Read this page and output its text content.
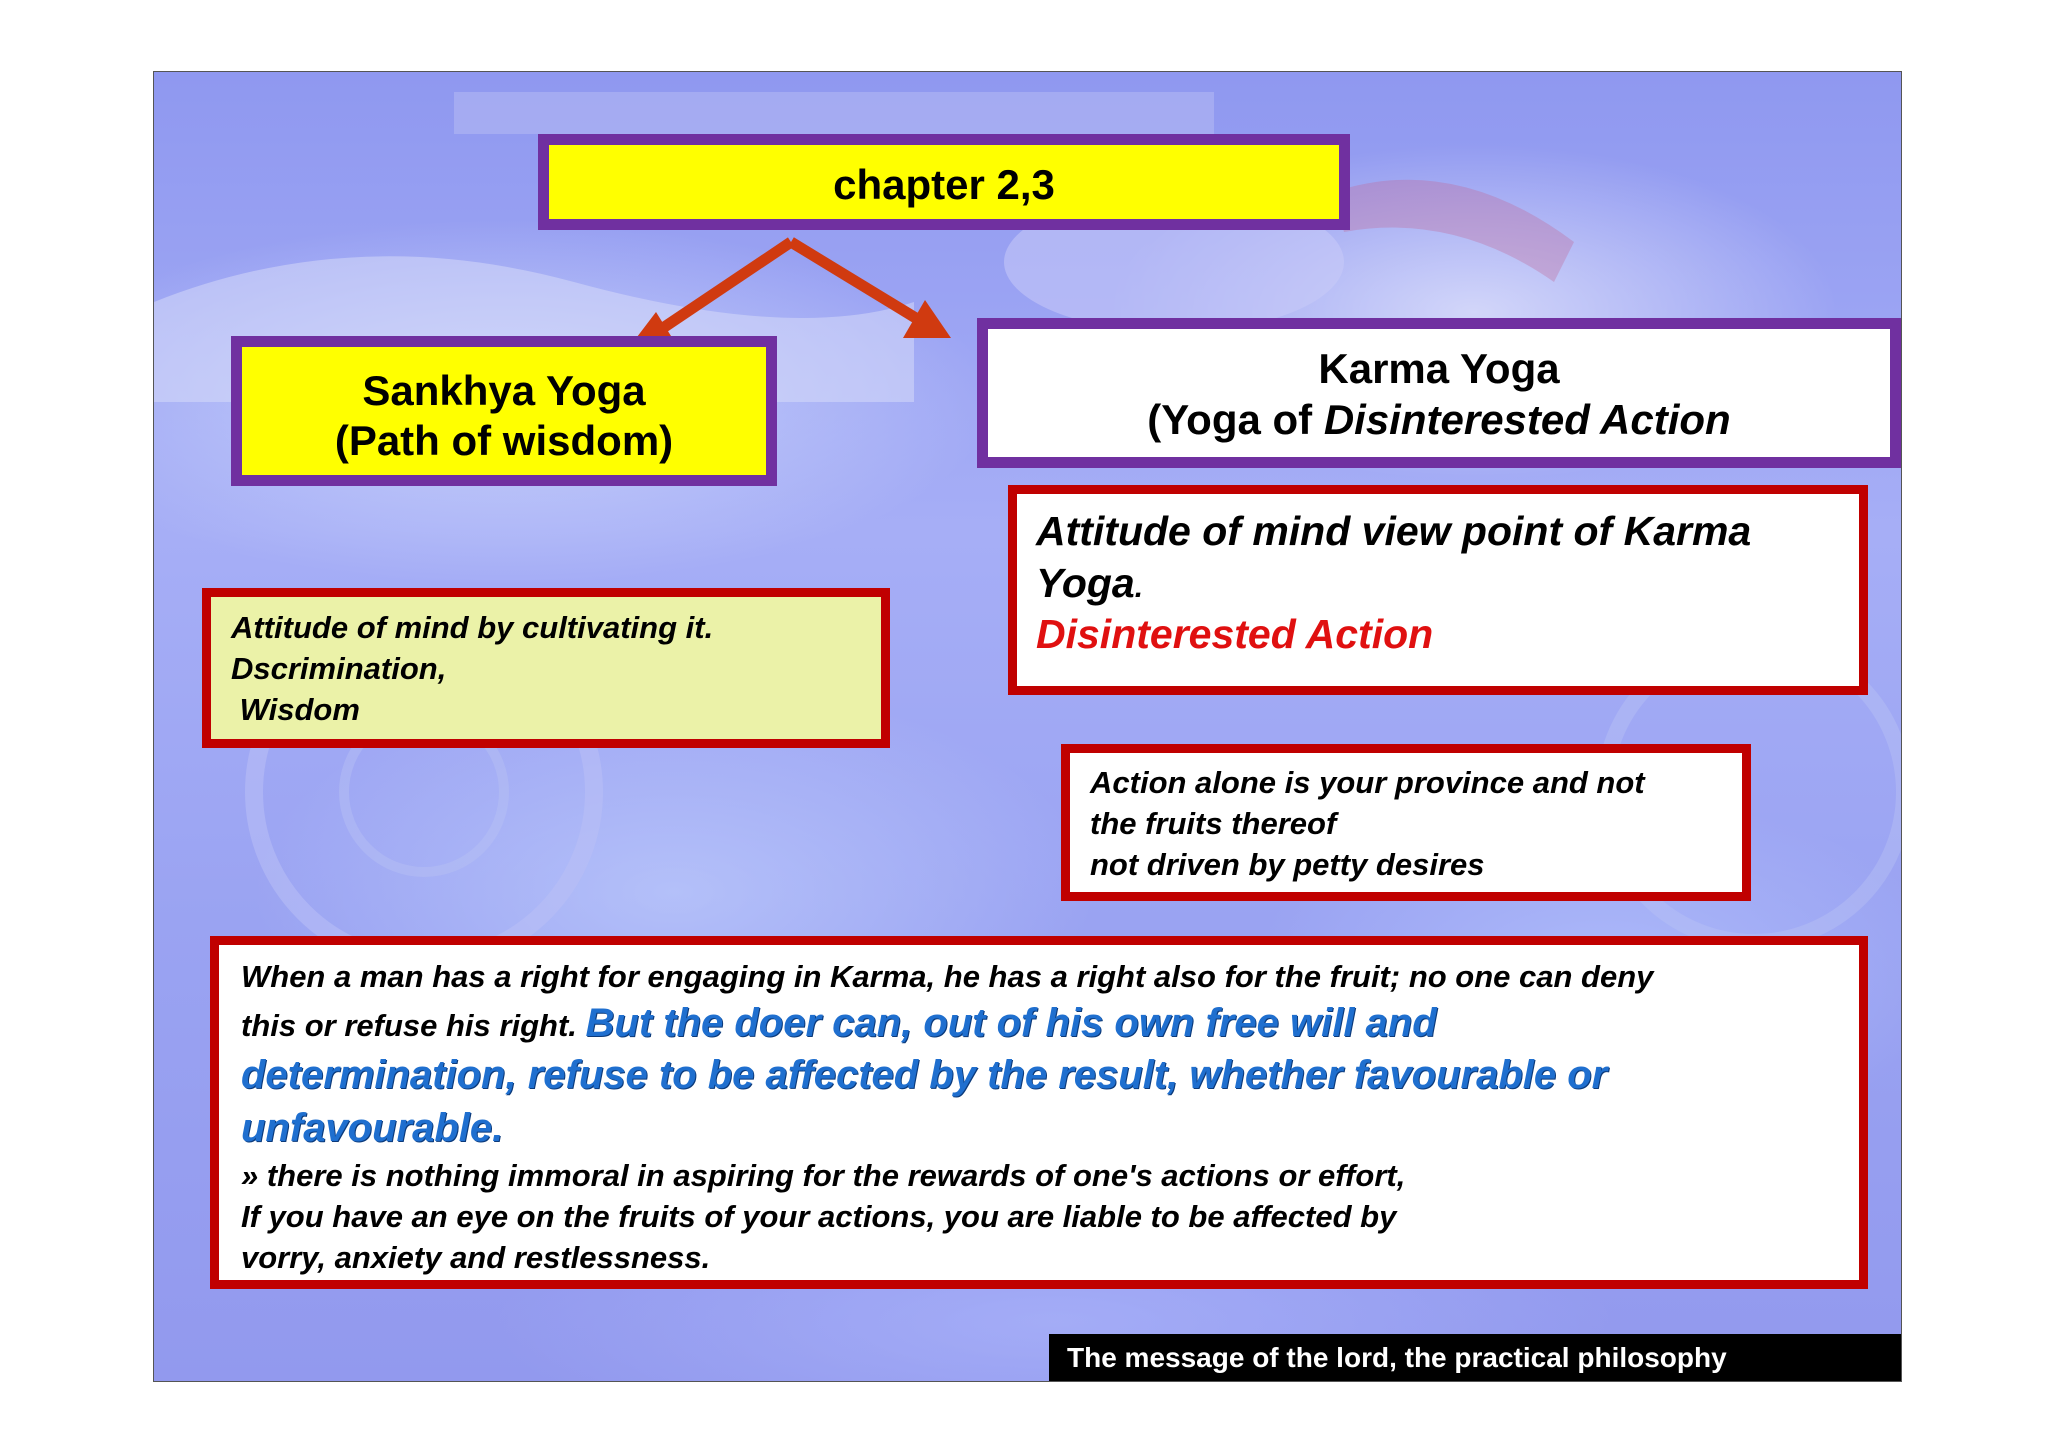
chapter 2,3
Sankhya Yoga
(Path of wisdom)
Karma Yoga
(Yoga of Disinterested Action
Attitude of mind view point of Karma
Yoga.
Disinterested Action
Attitude of mind by cultivating it.
Dscrimination,
Wisdom
Action alone is your province and not
the fruits thereof
not driven by petty desires
When a man has a right for engaging in Karma, he has a right also for the fruit; no one can deny
this or refuse his right. But the doer can, out of his own free will and
determination, refuse to be affected by the result, whether favourable or
unfavourable.
» there is nothing immoral in aspiring for the rewards of one's actions or effort,
If you have an eye on the fruits of your actions, you are liable to be affected by
vorry, anxiety and restlessness.
The message of the lord, the practical philosophy
